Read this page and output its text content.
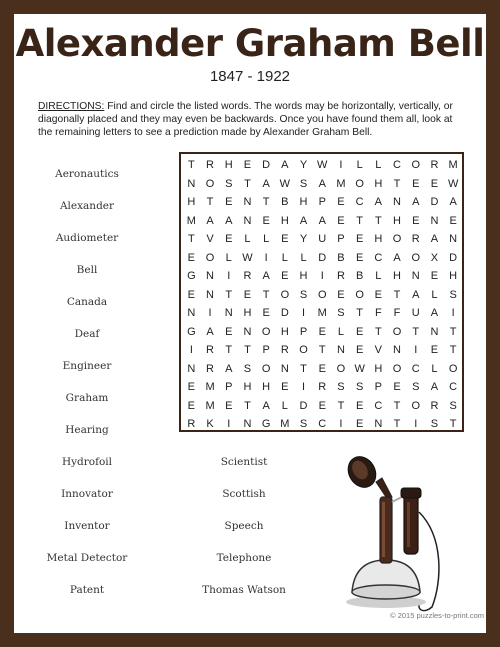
Alexander Graham Bell
1847 - 1922
DIRECTIONS: Find and circle the listed words. The words may be horizontally, vertically, or diagonally placed and they may even be backwards. Once you have found them all, look at the remaining letters to see a prediction made by Alexander Graham Bell.
Aeronautics
Alexander
Audiometer
Bell
Canada
Deaf
Engineer
Graham
Hearing
Hydrofoil
Innovator
Inventor
Metal Detector
Patent
Scientist
Scottish
Speech
Telephone
Thomas Watson
T	R H	E	D	A	Y W	I	L	L	C O R M
N O S	T	A W S	A M O H	T	E	E W
H	T	E	N	T	B	H	P	E	C	A	N	A	D	A
M A	A	N	E	H	A	A	E	T	T	H	E	N	E
T	V	E	L	L	E	Y	U	P	E	H O R	A	N
E O	L W	I	L	L	D	B	E	C	A O X	D
G N	I	R	A	E	H	I	R	B	L	H N	E	H
E	N	T	E	T	O S O E O E	T	A	L	S
N	I	N H	E	D	I	M S	T	F	F	U	A	I
G A	E	N O H	P	E	L	E	T	O	T	N	T
I	R	T	T	P	R O	T	N	E	V	N	I	E	T
N R	A	S O N	T	E O W H O C	L	O
E M P	H H	E	I	R	S	S	P	E	S	A	C
E M E	T	A	L	D	E	T	E	C	T	O R	S
R	K	I	N G M S	C	I	E	N	T	I	S	T
© 2015 puzzles-to-print.com
